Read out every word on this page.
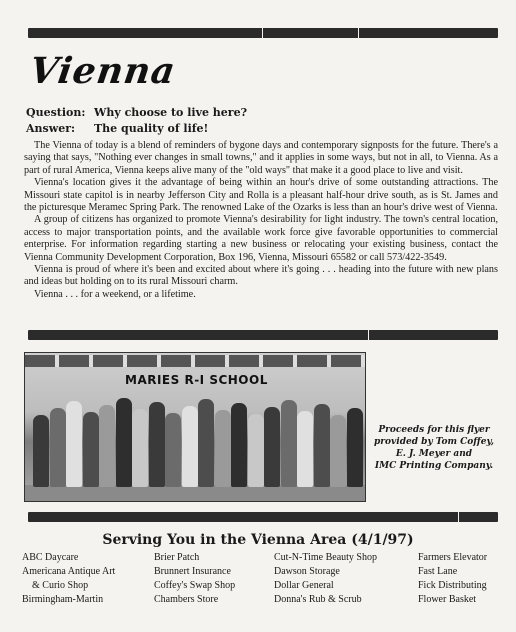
Vienna
Question: Why choose to live here?
Answer: The quality of life!

The Vienna of today is a blend of reminders of bygone days and contemporary signposts for the future. There's a saying that says, "Nothing ever changes in small towns," and it applies in some ways, but not in all, to Vienna. As a part of rural America, Vienna keeps alive many of the "old ways" that make it a good place to live and visit.

Vienna's location gives it the advantage of being within an hour's drive of some outstanding attractions. The Missouri state capitol is in nearby Jefferson City and Rolla is a pleasant half-hour drive south, as is St. James and the picturesque Meramec Spring Park. The renowned Lake of the Ozarks is less than an hour's drive west of Vienna.

A group of citizens has organized to promote Vienna's desirability for light industry. The town's central location, access to major transportation points, and the available work force give favorable opportunities to commercial enterprise. For information regarding starting a new business or relocating your existing business, contact the Vienna Community Development Corporation, Box 196, Vienna, Missouri 65582 or call 573/422-3549.

Vienna is proud of where it's been and excited about where it's going . . . heading into the future with new plans and ideas but holding on to its rural Missouri charm.

Vienna . . . for a weekend, or a lifetime.

MARIES R-I SCHOOL
Proceeds for this flyer
provided by Tom Coffey,
E. J. Meyer and
IMC Printing Company.
Serving You in the Vienna Area (4/1/97)
ABC Daycare
Americana Antique Art
& Curio Shop
Birmingham-Martin
Brier Patch
Brunnert Insurance
Coffey's Swap Shop
Chambers Store
Cut-N-Time Beauty Shop
Dawson Storage
Dollar General
Donna's Rub & Scrub
Farmers Elevator
Fast Lane
Fick Distributing
Flower Basket
